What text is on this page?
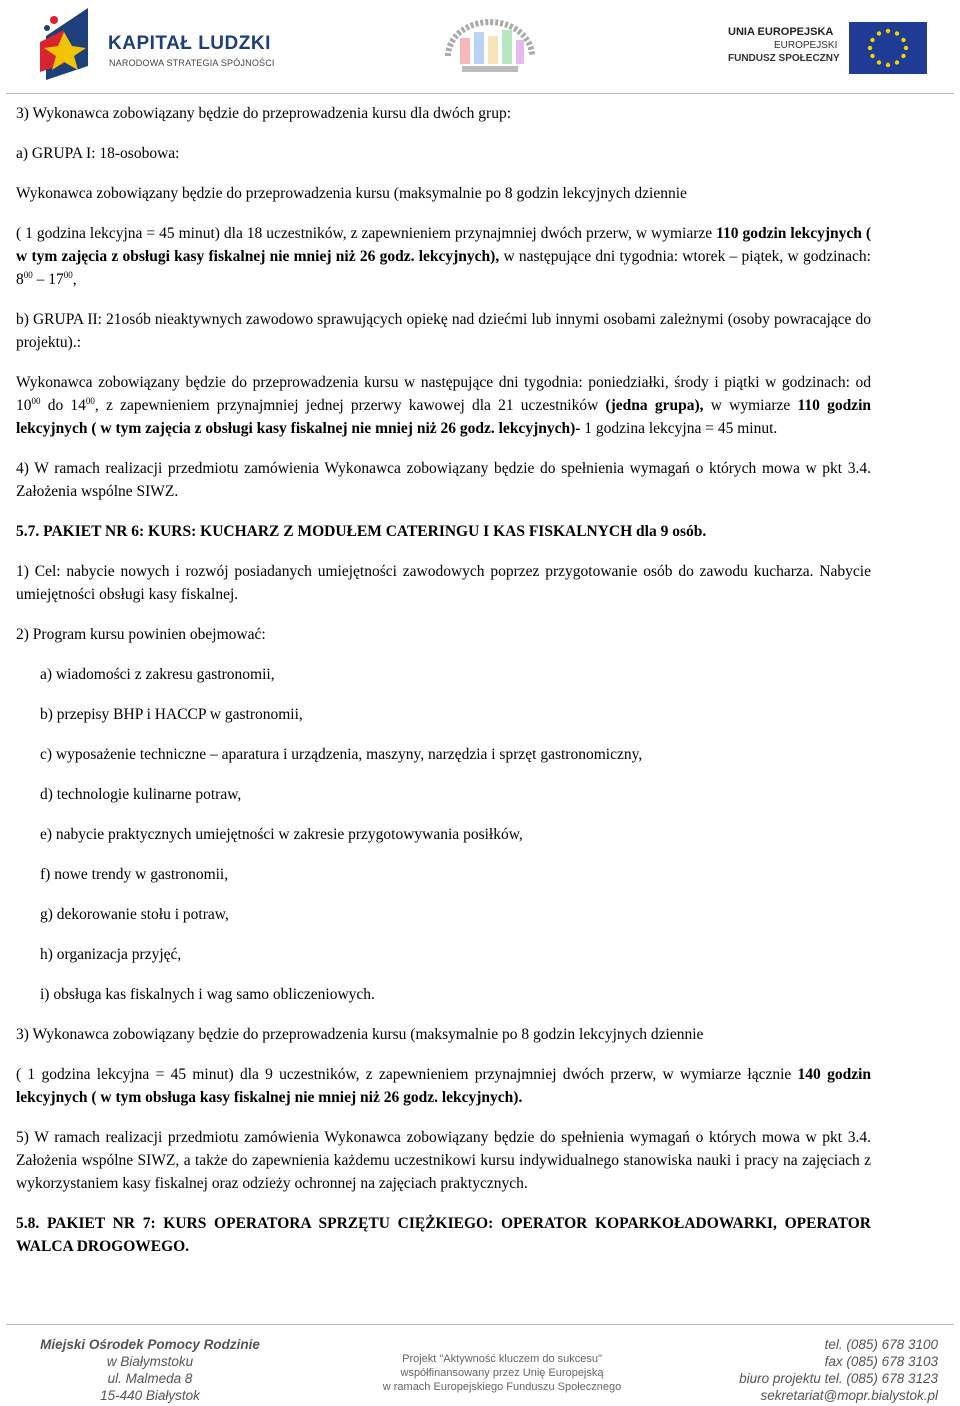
KAPITAŁ LUDZKI
NARODOWA STRATEGIA SPÓJNOŚCI
UNIA EUROPEJSKA
EUROPEJSKI
FUNDUSZ SPOŁECZNY

3) Wykonawca zobowiązany będzie do przeprowadzenia kursu dla dwóch grup:

a) GRUPA I: 18-osobowa:

Wykonawca zobowiązany będzie do przeprowadzenia kursu (maksymalnie po 8 godzin lekcyjnych dziennie

( 1 godzina lekcyjna = 45 minut) dla 18 uczestników, z zapewnieniem przynajmniej dwóch przerw, w wymiarze 110 godzin lekcyjnych ( w tym zajęcia z obsługi kasy fiskalnej nie mniej niż 26 godz. lekcyjnych), w następujące dni tygodnia: wtorek – piątek, w godzinach: $8^{00} - 17^{00}$,

b) GRUPA II: 21osób nieaktywnych zawodowo sprawujących opiekę nad dziećmi lub innymi osobami zależnymi (osoby powracające do projektu).:

Wykonawca zobowiązany będzie do przeprowadzenia kursu w następujące dni tygodnia: poniedziałki, środy i piątki w godzinach: od $10^{00}$ do $14^{00}$, z zapewnieniem przynajmniej jednej przerwy kawowej dla 21 uczestników (jedna grupa), w wymiarze 110 godzin lekcyjnych ( w tym zajęcia z obsługi kasy fiskalnej nie mniej niż 26 godz. lekcyjnych)- 1 godzina lekcyjna = 45 minut.

4) W ramach realizacji przedmiotu zamówienia Wykonawca zobowiązany będzie do spełnienia wymagań o których mowa w pkt 3.4. Założenia wspólne SIWZ.

5.7. PAKIET NR 6: KURS: KUCHARZ Z MODUŁEM CATERINGU I KAS FISKALNYCH dla 9 osób.

1) Cel: nabycie nowych i rozwój posiadanych umiejętności zawodowych poprzez przygotowanie osób do zawodu kucharza. Nabycie umiejętności obsługi kasy fiskalnej.

2) Program kursu powinien obejmować:

a) wiadomości z zakresu gastronomii,

b) przepisy BHP i HACCP w gastronomii,

c) wyposażenie techniczne – aparatura i urządzenia, maszyny, narzędzia i sprzęt gastronomiczny,

d) technologie kulinarne potraw,

e) nabycie praktycznych umiejętności w zakresie przygotowywania posiłków,

f) nowe trendy w gastronomii,

g) dekorowanie stołu i potraw,

h) organizacja przyjęć,

i) obsługa kas fiskalnych i wag samo obliczeniowych.

3) Wykonawca zobowiązany będzie do przeprowadzenia kursu (maksymalnie po 8 godzin lekcyjnych dziennie

( 1 godzina lekcyjna = 45 minut) dla 9 uczestników, z zapewnieniem przynajmniej dwóch przerw, w wymiarze łącznie 140 godzin lekcyjnych ( w tym obsługa kasy fiskalnej nie mniej niż 26 godz. lekcyjnych).

5) W ramach realizacji przedmiotu zamówienia Wykonawca zobowiązany będzie do spełnienia wymagań o których mowa w pkt 3.4. Założenia wspólne SIWZ, a także do zapewnienia każdemu uczestnikowi kursu indywidualnego stanowiska nauki i pracy na zajęciach z wykorzystaniem kasy fiskalnej oraz odzieży ochronnej na zajęciach praktycznych.

5.8. PAKIET NR 7: KURS OPERATORA SPRZĘTU CIĘŻKIEGO: OPERATOR KOPARKOŁADOWARKI, OPERATOR WALCA DROGOWEGO.

Miejski Ośrodek Pomocy Rodzinie
w Białymstoku
ul. Malmeda 8
15-440 Białystok
Projekt "Aktywność kluczem do sukcesu"
współfinansowany przez Unię Europejską
w ramach Europejskiego Funduszu Społecznego
tel. (085) 678 3100
fax (085) 678 3103
biuro projektu tel. (085) 678 3123
sekretariat@mopr.bialystok.pl
